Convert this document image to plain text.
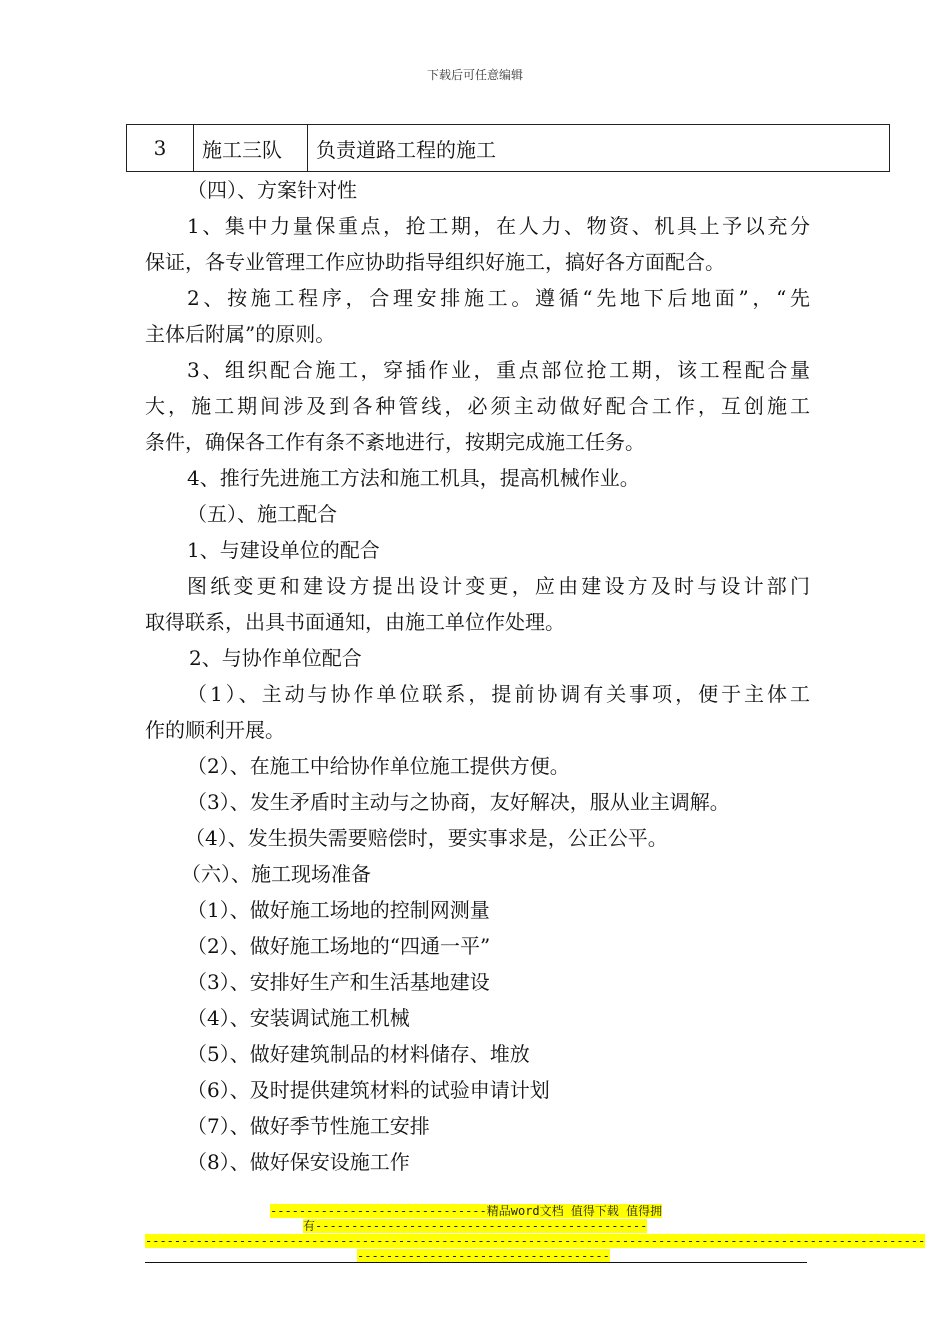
下载后可任意编辑
3	施工三队	负责道路工程的施工
（四）、方案针对性
1、集中力量保重点，抢工期，在人力、物资、机具上予以充分
保证，各专业管理工作应协助指导组织好施工，搞好各方面配合。
2、按施工程序，合理安排施工。遵循“先地下后地面”，“先
主体后附属”的原则。
3、组织配合施工，穿插作业，重点部位抢工期，该工程配合量
大，施工期间涉及到各种管线，必须主动做好配合工作，互创施工
条件，确保各工作有条不紊地进行，按期完成施工任务。
4、推行先进施工方法和施工机具，提高机械作业。
（五）、施工配合
1、与建设单位的配合
图纸变更和建设方提出设计变更，应由建设方及时与设计部门
取得联系，出具书面通知，由施工单位作处理。
2、与协作单位配合
（1）、主动与协作单位联系，提前协调有关事项，便于主体工
作的顺利开展。
（2）、在施工中给协作单位施工提供方便。
（3）、发生矛盾时主动与之协商，友好解决，服从业主调解。
（4）、发生损失需要赔偿时，要实事求是，公正公平。
（六）、施工现场准备
（1）、做好施工场地的控制网测量
（2）、做好施工场地的“四通一平”
（3）、安排好生产和生活基地建设
（4）、安装调试施工机械
（5）、做好建筑制品的材料储存、堆放
（6）、及时提供建筑材料的试验申请计划
（7）、做好季节性施工安排
（8）、做好保安设施工作
------------------------------精品word文档 值得下载 值得拥
有----------------------------------------------
------------------------------------------------------------------------------------------------------------
-----------------------------------
